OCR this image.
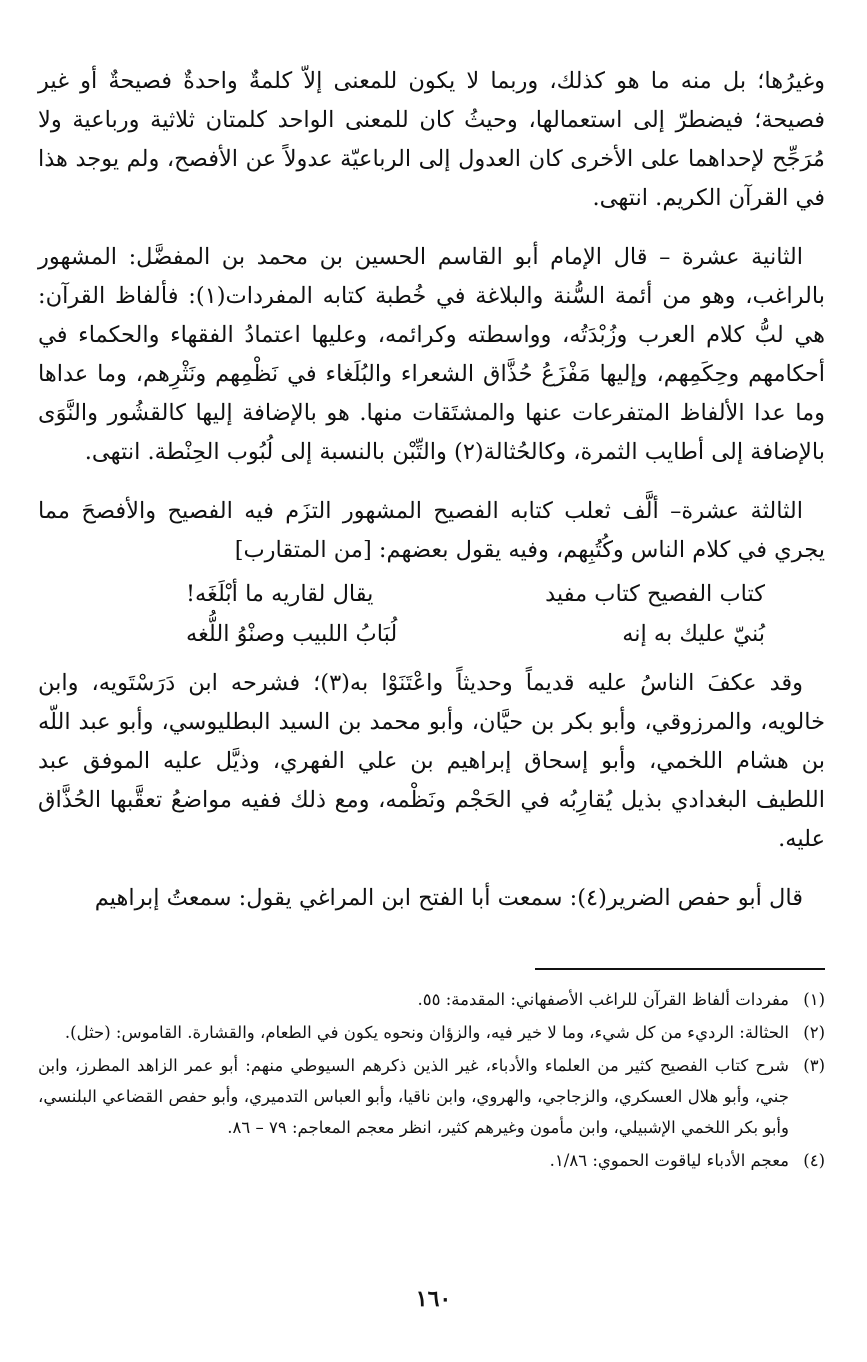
وغيرُها؛ بل منه ما هو كذلك، وربما لا يكون للمعنى إلاّ كلمةٌ واحدةٌ فصيحةٌ أو غير فصيحة؛ فيضطرّ إلى استعمالها، وحيثُ كان للمعنى الواحد كلمتان ثلاثية ورباعية ولا مُرَجِّح لإحداهما على الأخرى كان العدول إلى الرباعيّة عدولاً عن الأفصح، ولم يوجد هذا في القرآن الكريم. انتهى.

الثانية عشرة – قال الإمام أبو القاسم الحسين بن محمد بن المفضَّل: المشهور بالراغب، وهو من أئمة السُّنة والبلاغة في خُطبة كتابه المفردات(١): فألفاظ القرآن: هي لبُّ كلام العرب وزُبْدَتُه، وواسطته وكرائمه، وعليها اعتمادُ الفقهاء والحكماء في أحكامهم وحِكَمِهم، وإليها مَفْزَعُ حُذَّاق الشعراء والبُلَغاء في نَظْمِهم ونَثْرِهم، وما عداها وما عدا الألفاظ المتفرعات عنها والمشتَقات منها. هو بالإضافة إليها كالقشُور والنَّوَى بالإضافة إلى أطايب الثمرة، وكالحُثالة(٢) والتِّبْن بالنسبة إلى لُبُوب الحِنْطة. انتهى.

الثالثة عشرة– ألَّف ثعلب كتابه الفصيح المشهور التزَم فيه الفصيح والأفصحَ مما يجري في كلام الناس وكُتُبِهم، وفيه يقول بعضهم: [من المتقارب]

كتاب الفصيح كتاب مفيد
يقال لقاريه ما أبْلَغَه!
بُنيّ عليك به إنه
لُبَابُ اللبيب وصنْوُ اللُّغه

وقد عكفَ الناسُ عليه قديماً وحديثاً واعْتَنَوْا به(٣)؛ فشرحه ابن دَرَسْتَويه، وابن خالويه، والمرزوقي، وأبو بكر بن حيَّان، وأبو محمد بن السيد البطليوسي، وأبو عبد اللّه بن هشام اللخمي، وأبو إسحاق إبراهيم بن علي الفهري، وذيَّل عليه الموفق عبد اللطيف البغدادي بذيل يُقارِبُه في الحَجْم ونَظْمه، ومع ذلك ففيه مواضعُ تعقَّبها الحُذَّاق عليه.

قال أبو حفص الضرير(٤): سمعت أبا الفتح ابن المراغي يقول: سمعتُ إبراهيم

(١)
مفردات ألفاظ القرآن للراغب الأصفهاني: المقدمة: ٥٥.
(٢)
الحثالة: الرديء من كل شيء، وما لا خير فيه، والزؤان ونحوه يكون في الطعام، والقشارة. القاموس: (حثل).
(٣)
شرح كتاب الفصيح كثير من العلماء والأدباء، غير الذين ذكرهم السيوطي منهم: أبو عمر الزاهد المطرز، وابن جني، وأبو هلال العسكري، والزجاجي، والهروي، وابن ناقيا، وأبو العباس التدميري، وأبو حفص القضاعي البلنسي، وأبو بكر اللخمي الإشبيلي، وابن مأمون وغيرهم كثير، انظر معجم المعاجم: ٧٩ – ٨٦.
(٤)
معجم الأدباء لياقوت الحموي: ١/٨٦.
١٦٠
